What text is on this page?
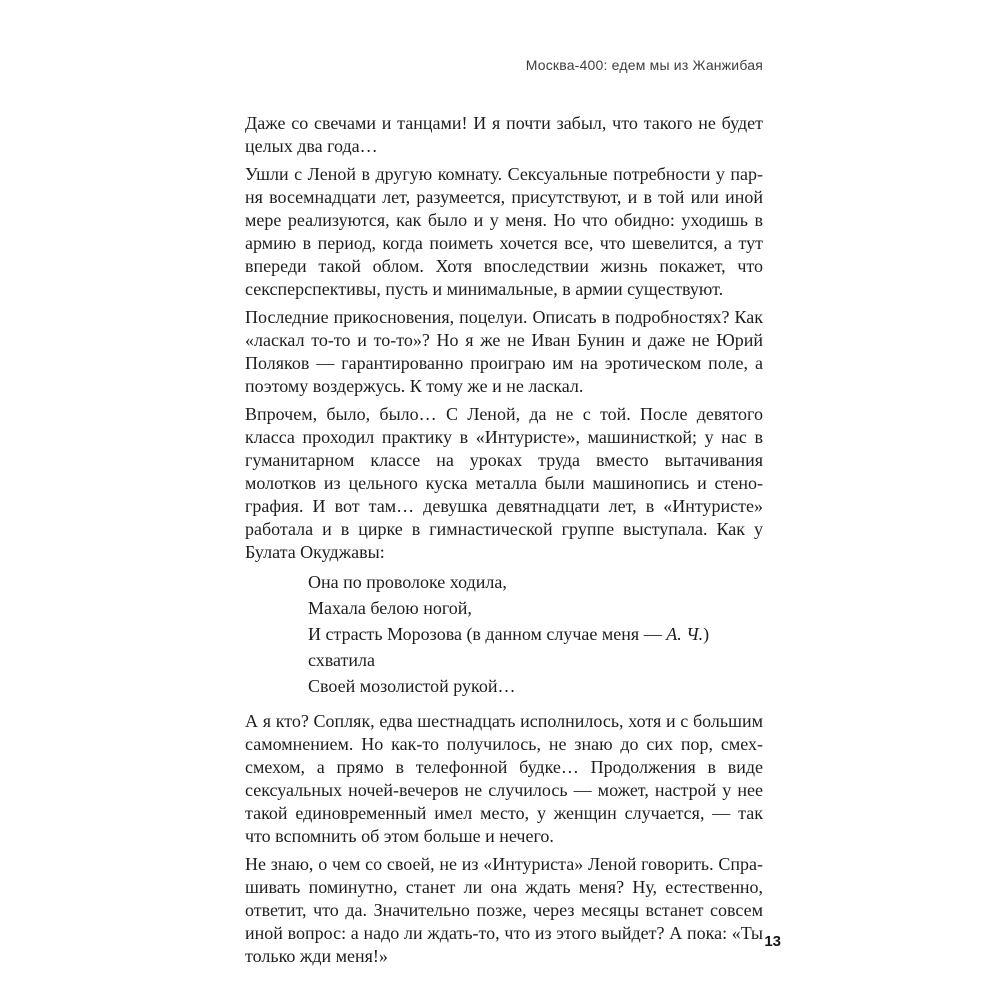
Москва-400: едем мы из Жанжибая

Даже со свечами и танцами! И я почти забыл, что такого не будет целых два года…

Ушли с Леной в другую комнату. Сексуальные потребности у парня восемнадцати лет, разумеется, присутствуют, и в той или иной мере реализуются, как было и у меня. Но что обидно: уходишь в армию в период, когда поиметь хочется все, что шевелится, а тут впереди такой облом. Хотя впоследствии жизнь покажет, что сексперспективы, пусть и минимальные, в армии существуют.

Последние прикосновения, поцелуи. Описать в подробностях? Как «ласкал то-то и то-то»? Но я же не Иван Бунин и даже не Юрий Поляков — гарантированно проиграю им на эротическом поле, а поэтому воздержусь. К тому же и не ласкал.

Впрочем, было, было… С Леной, да не с той. После девятого класса проходил практику в «Интуристе», машинисткой; у нас в гуманитарном классе на уроках труда вместо вытачивания молотков из цельного куска металла были машинопись и стенография. И вот там… девушка девятнадцати лет, в «Интуристе» работала и в цирке в гимнастической группе выступала. Как у Булата Окуджавы:

Она по проволоке ходила,
Махала белою ногой,
И страсть Морозова (в данном случае меня — А. Ч.) схватила
Своей мозолистой рукой…

А я кто? Сопляк, едва шестнадцать исполнилось, хотя и с большим самомнением. Но как-то получилось, не знаю до сих пор, смех-смехом, а прямо в телефонной будке… Продолжения в виде сексуальных ночей-вечеров не случилось — может, настрой у нее такой единовременный имел место, у женщин случается, — так что вспомнить об этом больше и нечего.

Не знаю, о чем со своей, не из «Интуриста» Леной говорить. Спрашивать поминутно, станет ли она ждать меня? Ну, естественно, ответит, что да. Значительно позже, через месяцы встанет совсем иной вопрос: а надо ли ждать-то, что из этого выйдет? А пока: «Ты только жди меня!»

13
